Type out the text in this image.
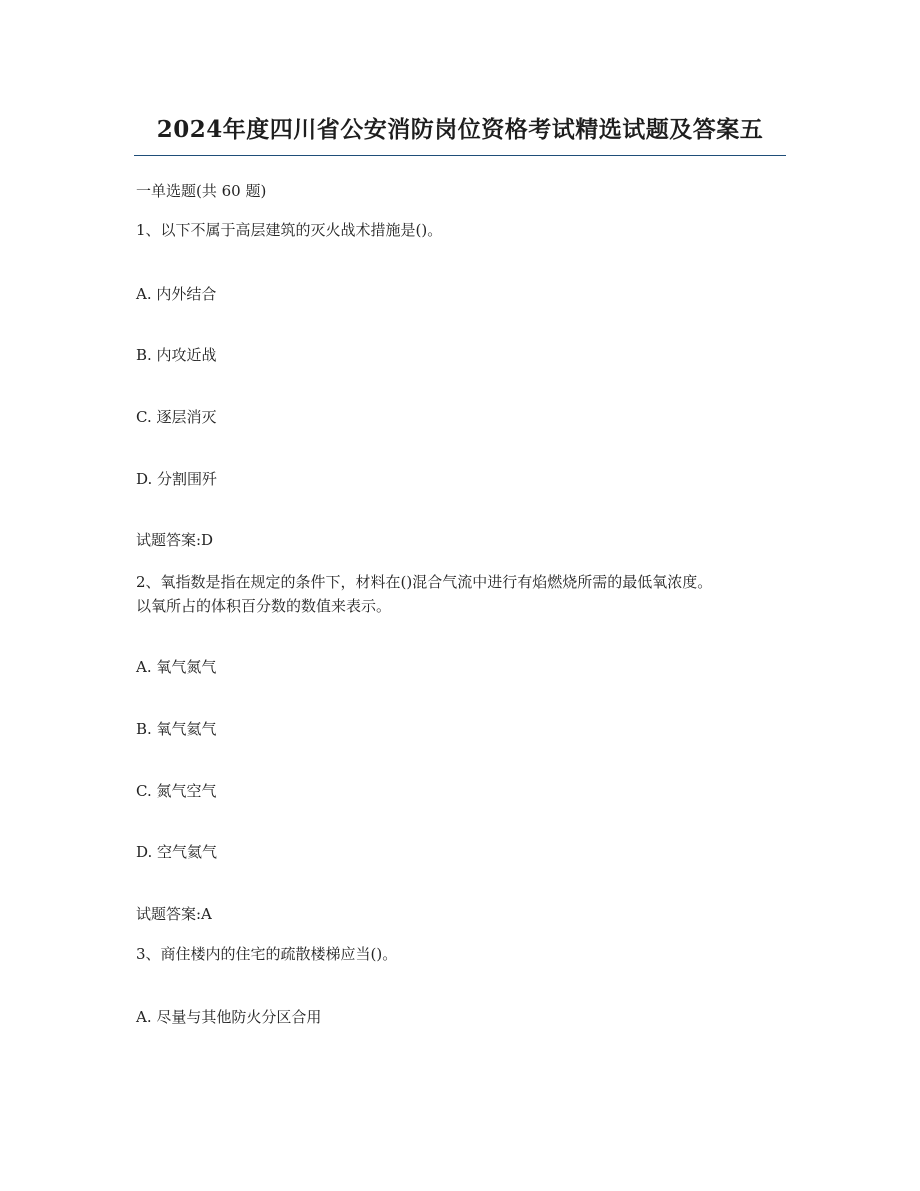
2024年度四川省公安消防岗位资格考试精选试题及答案五
一单选题(共 60 题)
1、以下不属于高层建筑的灭火战术措施是()。
A. 内外结合
B. 内攻近战
C. 逐层消灭
D. 分割围歼
试题答案:D
2、氧指数是指在规定的条件下，材料在()混合气流中进行有焰燃烧所需的最低氧浓度。
以氧所占的体积百分数的数值来表示。
A. 氧气氮气
B. 氧气氦气
C. 氮气空气
D. 空气氦气
试题答案:A
3、商住楼内的住宅的疏散楼梯应当()。
A. 尽量与其他防火分区合用
